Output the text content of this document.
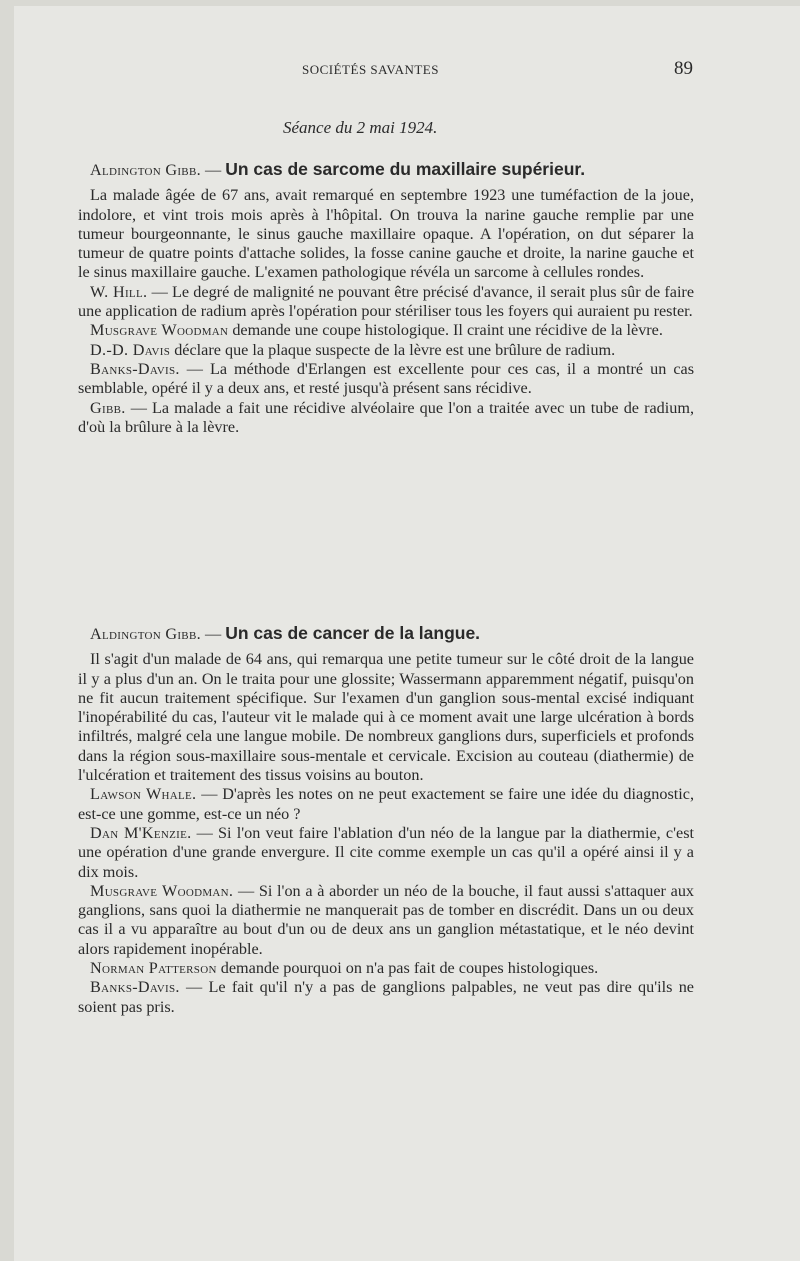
SOCIÉTÉS SAVANTES	89
Séance du 2 mai 1924.

Aldington Gibb. — Un cas de sarcome du maxillaire supérieur.

La malade âgée de 67 ans, avait remarqué en septembre 1923 une tuméfaction de la joue, indolore, et vint trois mois après à l'hôpital. On trouva la narine gauche remplie par une tumeur bourgeonnante, le sinus gauche maxillaire opaque. A l'opération, on dut séparer la tumeur de quatre points d'attache solides, la fosse canine gauche et droite, la narine gauche et le sinus maxillaire gauche. L'examen pathologique révéla un sarcome à cellules rondes.

W. Hill. — Le degré de malignité ne pouvant être précisé d'avance, il serait plus sûr de faire une application de radium après l'opération pour stériliser tous les foyers qui auraient pu rester.

Musgrave Woodman demande une coupe histologique. Il craint une récidive de la lèvre.

D.-D. Davis déclare que la plaque suspecte de la lèvre est une brûlure de radium.

Banks-Davis. — La méthode d'Erlangen est excellente pour ces cas, il a montré un cas semblable, opéré il y a deux ans, et resté jusqu'à présent sans récidive.

Gibb. — La malade a fait une récidive alvéolaire que l'on a traitée avec un tube de radium, d'où la brûlure à la lèvre.

Aldington Gibb. — Un cas de cancer de la langue.

Il s'agit d'un malade de 64 ans, qui remarqua une petite tumeur sur le côté droit de la langue il y a plus d'un an. On le traita pour une glossite; Wassermann apparemment négatif, puisqu'on ne fit aucun traitement spécifique. Sur l'examen d'un ganglion sous-mental excisé indiquant l'inopérabilité du cas, l'auteur vit le malade qui à ce moment avait une large ulcération à bords infiltrés, malgré cela une langue mobile. De nombreux ganglions durs, superficiels et profonds dans la région sous-maxillaire sous-mentale et cervicale. Excision au couteau (diathermie) de l'ulcération et traitement des tissus voisins au bouton.

Lawson Whale. — D'après les notes on ne peut exactement se faire une idée du diagnostic, est-ce une gomme, est-ce un néo ?

Dan M'Kenzie. — Si l'on veut faire l'ablation d'un néo de la langue par la diathermie, c'est une opération d'une grande envergure. Il cite comme exemple un cas qu'il a opéré ainsi il y a dix mois.

Musgrave Woodman. — Si l'on a à aborder un néo de la bouche, il faut aussi s'attaquer aux ganglions, sans quoi la diathermie ne manquerait pas de tomber en discrédit. Dans un ou deux cas il a vu apparaître au bout d'un ou de deux ans un ganglion métastatique, et le néo devint alors rapidement inopérable.

Norman Patterson demande pourquoi on n'a pas fait de coupes histologiques.

Banks-Davis. — Le fait qu'il n'y a pas de ganglions palpables, ne veut pas dire qu'ils ne soient pas pris.
